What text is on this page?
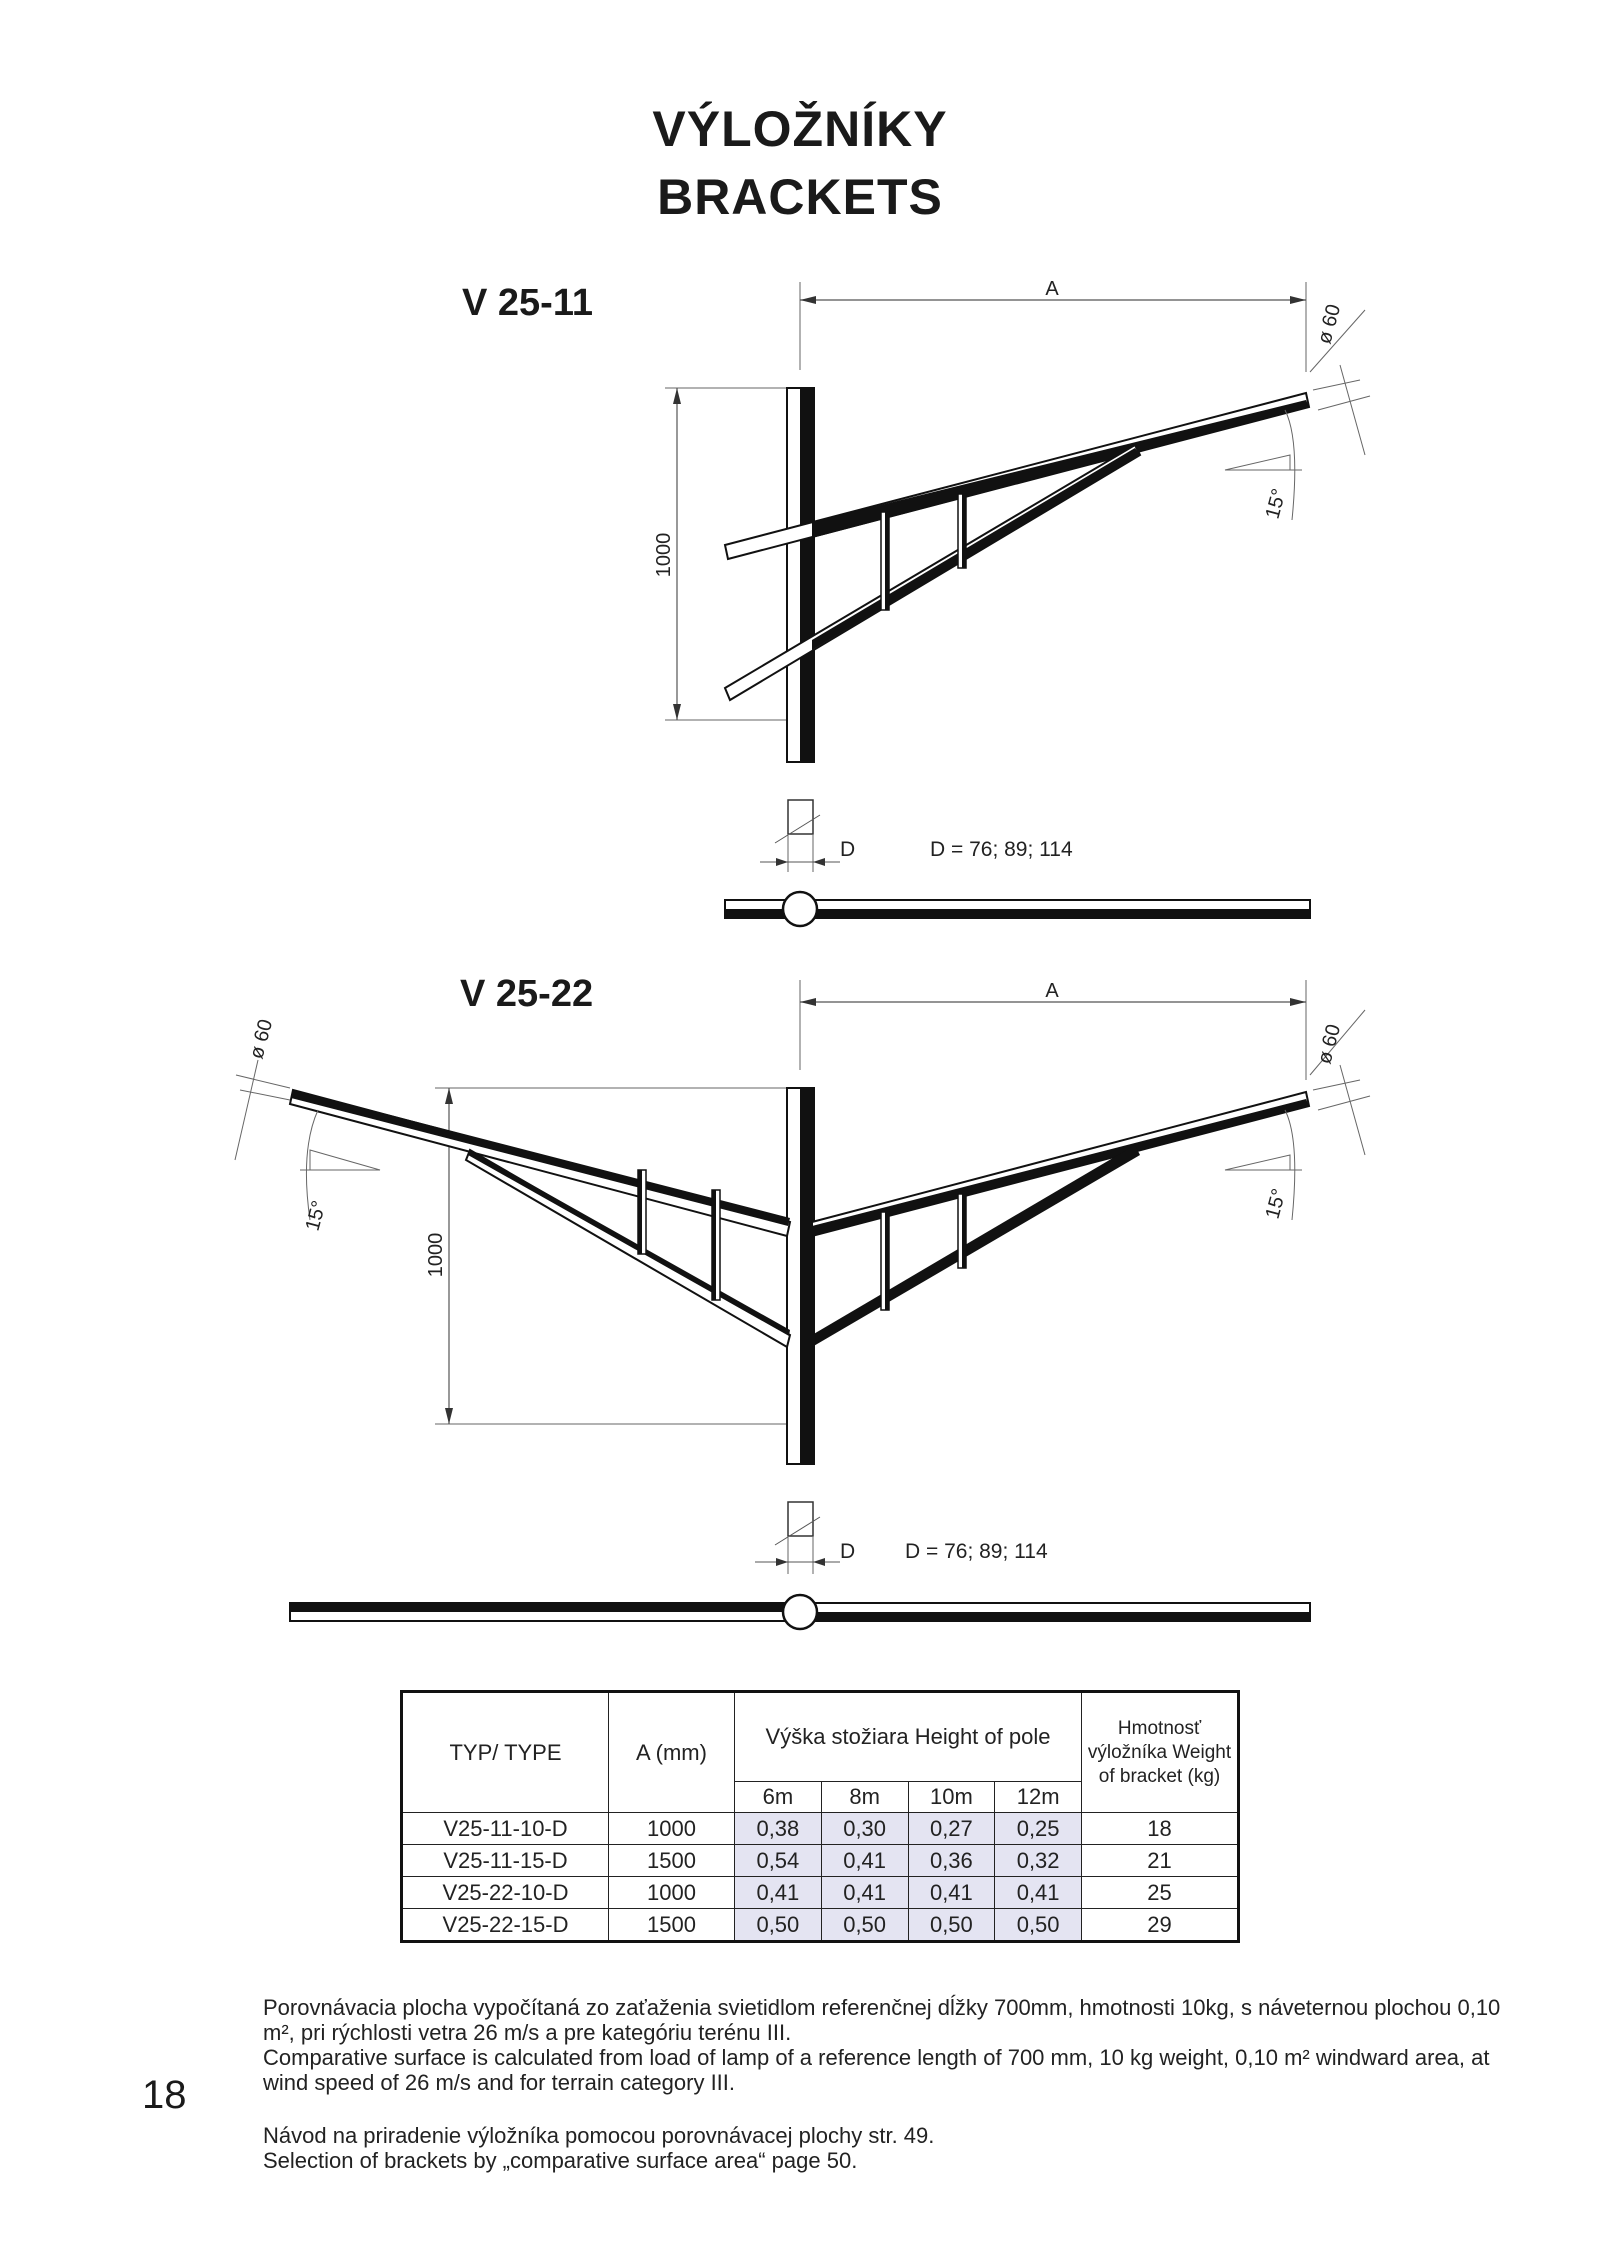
VÝLOŽNÍKY
BRACKETS
V 25-11
V 25-22
A
1000
ø 60
15°
D	D = 76; 89; 114
A
1000
ø 60
15°
ø 60
15°
D D = 76; 89; 114
TYP/ TYPE	A (mm)	Výška stožiara Height of pole				Hmotnosť výložníka Weight of bracket (kg)
		6m	8m	10m	12m	
V25-11-10-D	1000	0,38	0,30	0,27	0,25	18
V25-11-15-D	1500	0,54	0,41	0,36	0,32	21
V25-22-10-D	1000	0,41	0,41	0,41	0,41	25
V25-22-15-D	1500	0,50	0,50	0,50	0,50	29
Porovnávacia plocha vypočítaná zo zaťaženia svietidlom referenčnej dĺžky 700mm, hmotnosti 10kg, s náveternou plochou 0,10 m², pri rýchlosti vetra 26 m/s a pre kategóriu terénu III.
Comparative surface is calculated from load of lamp of a reference length of 700 mm, 10 kg weight, 0,10 m² windward area, at wind speed of 26 m/s and for terrain category III.
18
Návod na priradenie výložníka pomocou porovnávacej plochy str. 49.
Selection of brackets by „comparative surface area“ page 50.
